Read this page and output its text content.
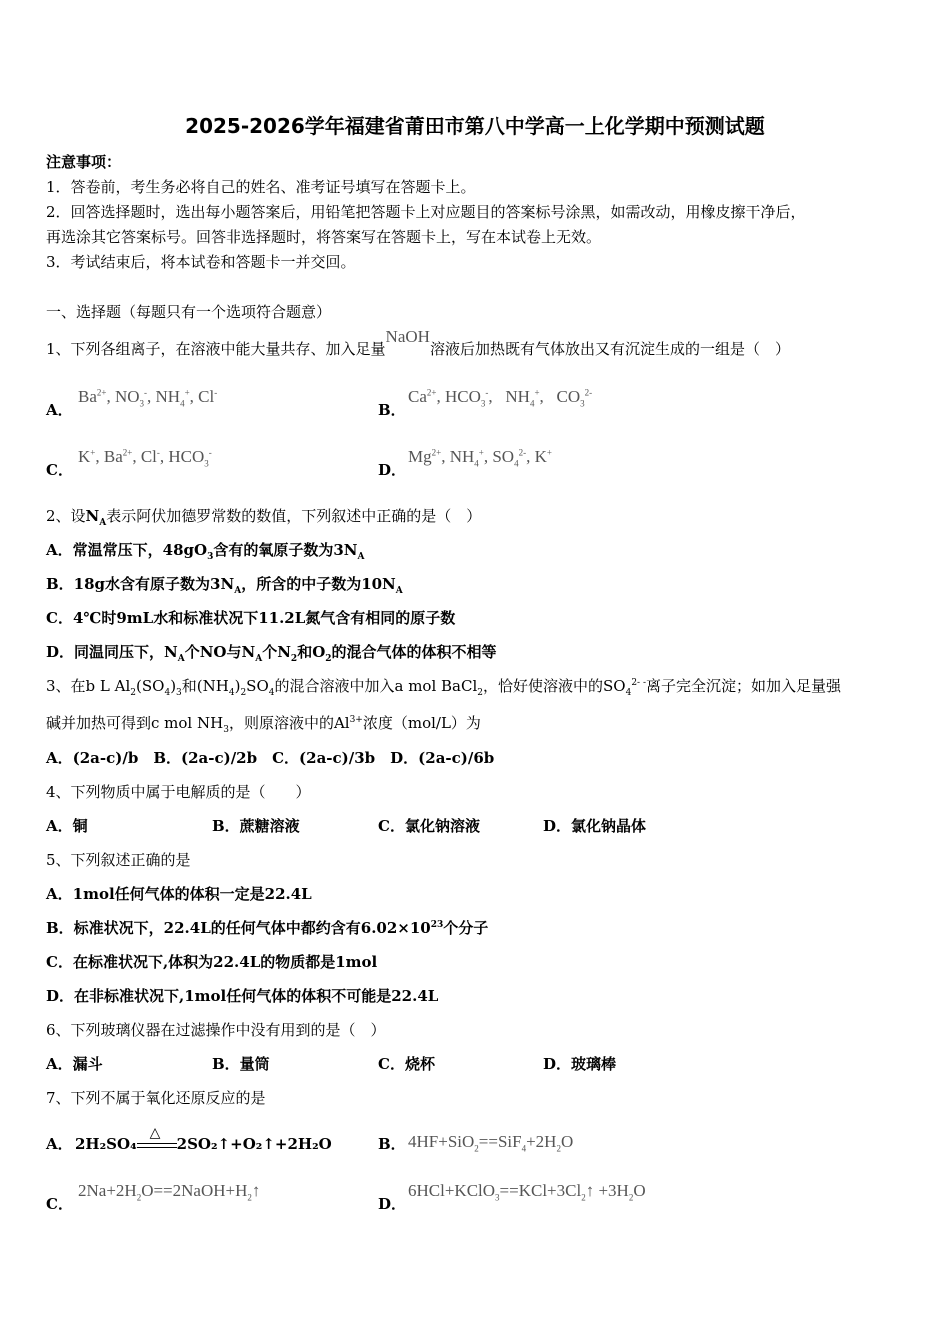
2025-2026学年福建省莆田市第八中学高一上化学期中预测试题
注意事项：
1．答卷前，考生务必将自己的姓名、准考证号填写在答题卡上。
2．回答选择题时，选出每小题答案后，用铅笔把答题卡上对应题目的答案标号涂黑，如需改动，用橡皮擦干净后，
再选涂其它答案标号。回答非选择题时，将答案写在答题卡上，写在本试卷上无效。
3．考试结束后，将本试卷和答题卡一并交回。
一、选择题（每题只有一个选项符合题意）
1、下列各组离子，在溶液中能大量共存、加入足量NaOH溶液后加热既有气体放出又有沉淀生成的一组是（　）
A．
$Ba^{2+}$, $NO_3^-$, $NH_4^+$, Cl-
B．
$Ca^{2+}$, $HCO_3^-$,   $NH_4^+$,   $CO_3^{2-}$
C．
K+, $Ba^{2+}$, Cl-, $HCO_3^-$
D．
$Mg^{2+}$, $NH_4^+$, $SO_4^{2-}$, K+
2、设$N_A$表示阿伏加德罗常数的数值，下列叙述中正确的是（　）
A．常温常压下，$48gO_3$含有的氧原子数为$3N_A$
B．18g水含有原子数为$3N_A$，所含的中子数为$10N_A$
C．4℃时9mL水和标准状况下11.2L氮气含有相同的原子数
D．同温同压下，$N_A$个NO与$N_A$个$N_2$和$O_2$的混合气体的体积不相等
3、在b L $Al_2(SO_4)_3$和$(NH_4)_2SO_4$的混合溶液中加入a mol BaCl$_2$，恰好使溶液中的$SO_4^{2- -}$离子完全沉淀；如加入足量强
碱并加热可得到c mol $NH_3$，则原溶液中的$Al^{3+}$浓度（mol/L）为
A．(2a-c)/b　B．(2a-c)/2b　C．(2a-c)/3b　D．(2a-c)/6b
4、下列物质中属于电解质的是（　　）
A．铜	B．蔗糖溶液	C．氯化钠溶液	D．氯化钠晶体
5、下列叙述正确的是
A．1mol任何气体的体积一定是22.4L
B．标准状况下，22.4L的任何气体中都约含有$6.02\times 10^{23}$个分子
C．在标准状况下,体积为22.4L的物质都是1mol
D．在非标准状况下,1mol任何气体的体积不可能是22.4L
6、下列玻璃仪器在过滤操作中没有用到的是（　）
A．漏斗	B．量筒	C．烧杯	D．玻璃棒
7、下列不属于氧化还原反应的是
A． 2H₂SO₄
△
2SO₂↑+O₂↑+2H₂O	B． $4HF+SiO_2==SiF_4+2H_2O$
C．
$2Na+2H_2O==2NaOH+H_2↑$
D．
$6HCl+KClO_3==KCl+3Cl_2↑ +3H_2O$
